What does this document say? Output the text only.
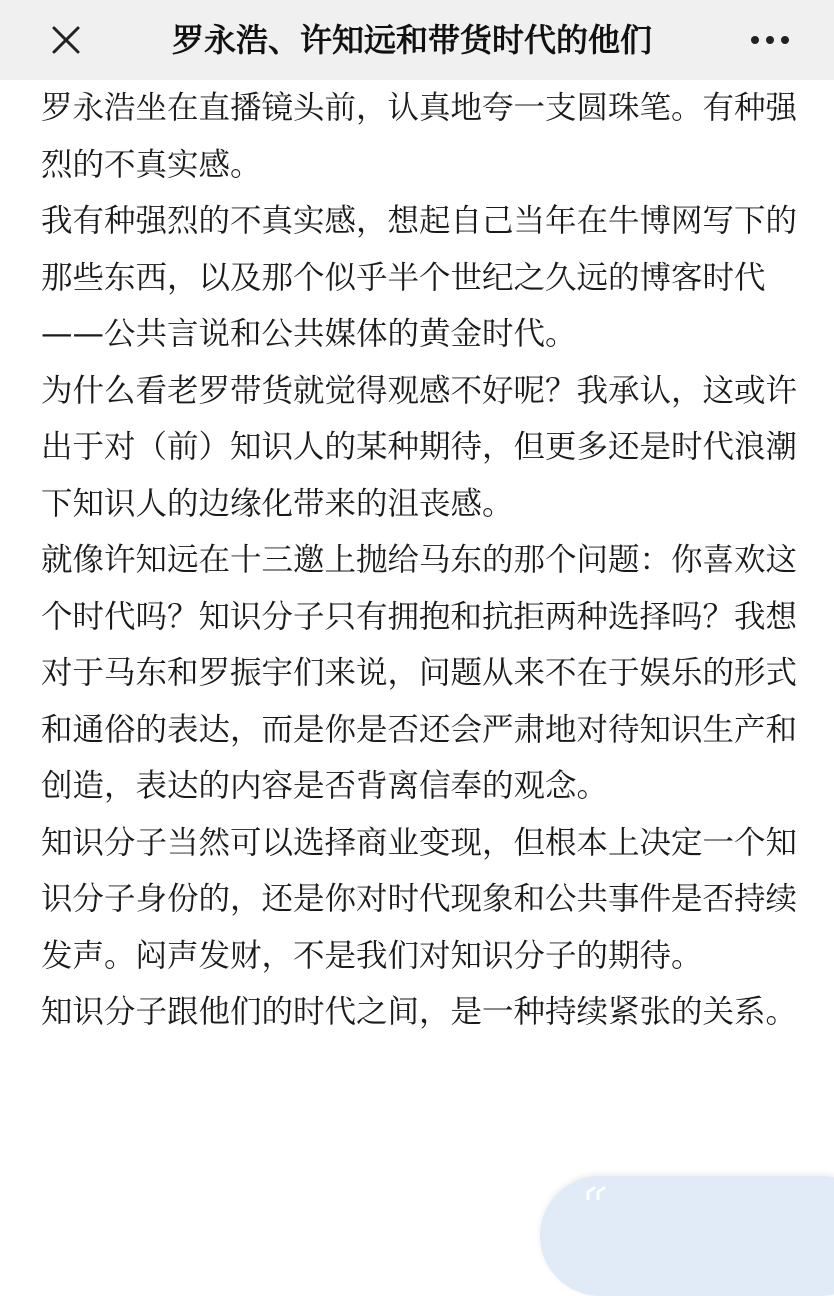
罗永浩、许知远和带货时代的他们

罗永浩坐在直播镜头前，认真地夸一支圆珠笔。有种强烈的不真实感。

我有种强烈的不真实感，想起自己当年在牛博网写下的那些东西，以及那个似乎半个世纪之久远的博客时代——公共言说和公共媒体的黄金时代。

为什么看老罗带货就觉得观感不好呢？我承认，这或许出于对（前）知识人的某种期待，但更多还是时代浪潮下知识人的边缘化带来的沮丧感。

就像许知远在十三邀上抛给马东的那个问题：你喜欢这个时代吗？知识分子只有拥抱和抗拒两种选择吗？我想对于马东和罗振宇们来说，问题从来不在于娱乐的形式和通俗的表达，而是你是否还会严肃地对待知识生产和创造，表达的内容是否背离信奉的观念。

知识分子当然可以选择商业变现，但根本上决定一个知识分子身份的，还是你对时代现象和公共事件是否持续发声。闷声发财，不是我们对知识分子的期待。

知识分子跟他们的时代之间，是一种持续紧张的关系。
